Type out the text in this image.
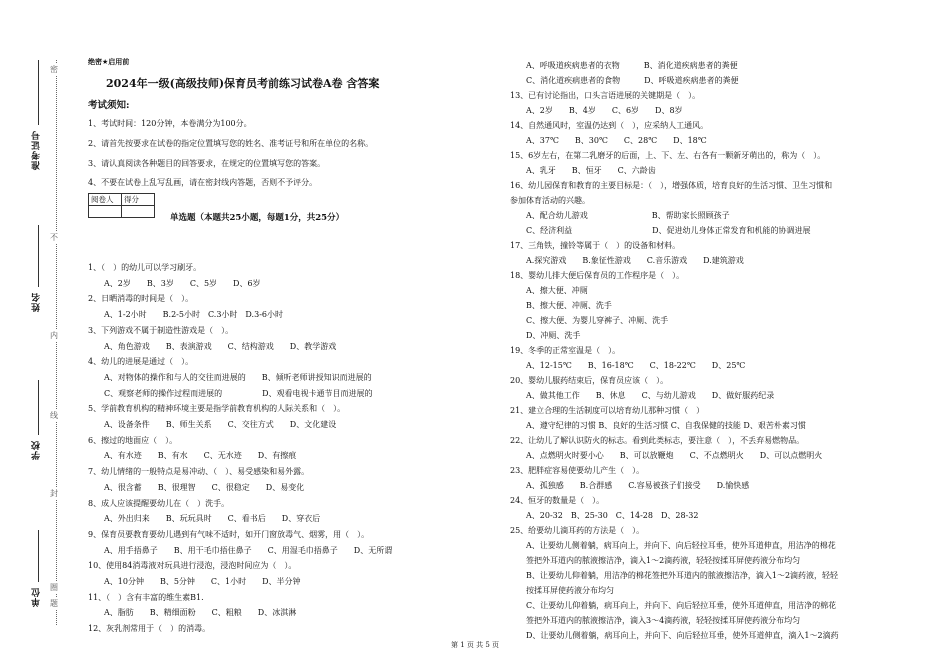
准考证号
姓名
学校
单位
密
不
内
线
封
圈
题
绝密★启用前
2024年一级(高级技师)保育员考前练习试卷A卷 含答案
考试须知:
1、考试时间：120分钟，本卷满分为100分。
2、请首先按要求在试卷的指定位置填写您的姓名、准考证号和所在单位的名称。
3、请认真阅读各种题目的回答要求，在规定的位置填写您的答案。
4、不要在试卷上乱写乱画，请在密封线内答题，否则不予评分。
阅卷人	得分

单选题（本题共25小题，每题1分，共25分）
1、（　）的幼儿可以学习刷牙。
　　A、2岁　　B、3岁　　C、5岁　　D、6岁
2、日晒消毒的时间是（　）。
　　A、1-2小时　　B.2-5小时　C.3小时　D.3-6小时
3、下列游戏不属于制造性游戏是（　）。
　　A、角色游戏　　B、表演游戏　　C、结构游戏　　D、教学游戏
4、幼儿的进展是通过（　）。
　　A、对物体的操作和与人的交往而进展的　　B、倾听老师讲授知识而进展的
　　C、观察老师的操作过程而进展的　　　　　D、观看电视卡通节目而进展的
5、学前教育机构的精神环境主要是指学前教育机构的人际关系和（　）。
　　A、设备条件　　B、师生关系　　C、交往方式　　D、文化建设
6、擦过的地面应（　）。
　　A、有水迹　　B、有水　　C、无水迹　　D、有擦痕
7、幼儿情绪的一般特点是易冲动、（　）、易受感染和易外露。
　　A、很含蓄　　B、很理智　　C、很稳定　　D、易变化
8、成人应该提醒要幼儿在（　）洗手。
　　A、外出归来　　B、玩玩具时　　C、看书后　　D、穿衣后
9、保育员要教育要幼儿遇到有气味不适时，如开门窗放毒气、烟雾，用（　）。
　　A、用手捂鼻子　　B、用干毛巾捂住鼻子　　C、用湿毛巾捂鼻子　　D、无所谓
10、使用84消毒液对玩具进行浸泡，浸泡时间应为（　）。
　　A、10分钟　　B、5分钟　　C、1小时　　D、半分钟
11、（　）含有丰富的维生素B1.
　　A、脂肪　　B、精细面粉　　C、粗粮　　D、冰淇淋
12、灰乳剂常用于（　）的消毒。
　　A、呼吸道疾病患者的衣物　　　B、消化道疾病患者的粪便
　　C、消化道疾病患者的食物　　　D、呼吸道疾病患者的粪便
13、已有讨论指出，口头言语进展的关键期是（　）。
　　A、2岁　　B、4岁　　C、6岁　　D、8岁
14、自然通风时，室温仍达到（　），应采纳人工通风。
　　A、37℃　　B、30℃　　C、28℃　　D、18℃
15、6岁左右，在第二乳磨牙的后面，上、下、左、右各有一颗新牙萌出的，称为（　）。
　　A、乳牙　　B、恒牙　　C、六龄齿
16、幼儿园保育和教育的主要目标是：（　），增强体质，培育良好的生活习惯、卫生习惯和
参加体育活动的兴趣。
　　A、配合幼儿游戏　　　　　　　　B、帮助家长照顾孩子
　　C、经济利益　　　　　　　　　　D、促进幼儿身体正常发育和机能的协调进展
17、三角铁，撞铃等属于（　）的设备和材料。
　　A.探究游戏　　B.象征性游戏　　C.音乐游戏　　D.建筑游戏
18、婴幼儿排大便后保育员的工作程序是（　）。
　　A、擦大便、冲厕
　　B、擦大便、冲厕、洗手
　　C、擦大便、为婴儿穿裤子、冲厕、洗手
　　D、冲厕、洗手
19、冬季的正常室温是（　）。
　　A、12-15℃　　B、16-18℃　　C、18-22℃　　D、25℃
20、婴幼儿服药结束后，保育员应该（　）。
　　A、做其他工作　　B、休息　　C、与幼儿游戏　　D、做好服药纪录
21、建立合理的生活制度可以培育幼儿那种习惯（　）
　　A、遵守纪律的习惯 B、良好的生活习惯 C、自我保健的技能 D、艰苦朴素习惯
22、让幼儿了解认识防火的标志。看到此类标志，要注意（　），不丢弃易燃物品。
　　A、点燃明火时要小心　　B、可以放鞭炮　　C、不点燃明火　　D、可以点燃明火
23、肥胖症容易使要幼儿产生（　）。
　　A、孤独感　　B.合群感　　C.容易被孩子们接受　　D.愉快感
24、恒牙的数量是（　）。
　　A、20-32　B、25-30　C、14-28　D、28-32
25、给要幼儿滴耳药的方法是（　）。
　　A、让要幼儿侧着躺，病耳向上，并向下、向后轻拉耳垂，使外耳道伸直，用洁净的棉花
　　签把外耳道内的脓液擦洁净，滴入1～2滴药液，轻轻按揉耳屏使药液分布均匀
　　B、让要幼儿仰着躺，用洁净的棉花签把外耳道内的脓液擦洁净，滴入1～2滴药液，轻轻
　　按揉耳屏使药液分布均匀
　　C、让要幼儿仰着躺，病耳向上，并向下、向后轻拉耳垂，使外耳道伸直，用洁净的棉花
　　签把外耳道内的脓液擦洁净，滴入3～4滴药液，轻轻按揉耳屏使药液分布均匀
　　D、让要幼儿侧着躺，病耳向上，并向下、向后轻拉耳垂，使外耳道伸直，滴入1～2滴药
第 1 页 共 5 页
